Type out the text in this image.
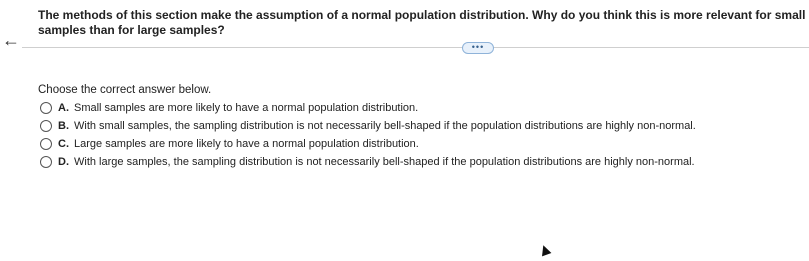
←
The methods of this section make the assumption of a normal population distribution. Why do you think this is more relevant for small samples than for large samples?
•••
Choose the correct answer below.
A. Small samples are more likely to have a normal population distribution.
B. With small samples, the sampling distribution is not necessarily bell-shaped if the population distributions are highly non-normal.
C. Large samples are more likely to have a normal population distribution.
D. With large samples, the sampling distribution is not necessarily bell-shaped if the population distributions are highly non-normal.
